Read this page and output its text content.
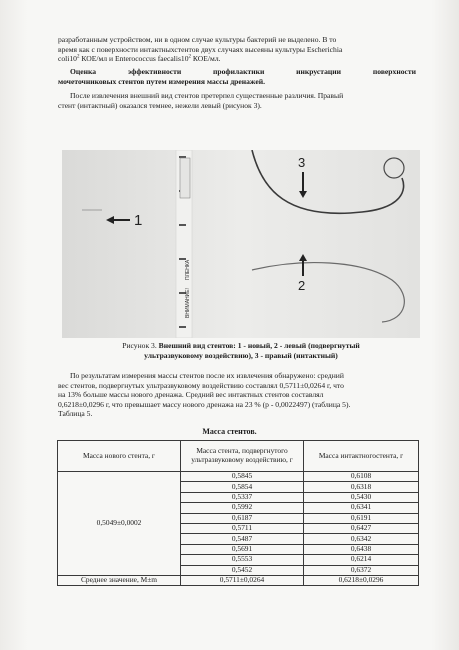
разработанным устройством, ни в одном случае культуры бактерий не выделено. В то
время как с поверхности интактныхстентов двух случаях высеяны культуры Escherichia
$coli10^2$ КОЕ/мл и Enterococcus $faecalis10^2$ КОЕ/мл.
Оценка	эффективности	профилактики	инкрустации	поверхности
мочеточниковых стентов путем измерения массы дренажей.
После извлечения внешний вид стентов претерпел существенные различия. Правый
стент (интактный) оказался темнее, нежели левый (рисунок 3).
ПЛЕНКА
ВНИМАНИЕ!
1
3
2
Рисунок 3. Внешний вид стентов: 1 - новый, 2 - левый (подвергнутый
ультразвуковому воздействию), 3 - правый (интактный)
По результатам измерения массы стентов после их извлечения обнаружено: средний
вес стентов, подвергнутых ультразвуковому воздействию составлял 0,5711±0,0264 г, что
на 13% больше массы нового дренажа. Средний вес интактных стентов составлял
0,6218±0,0296 г, что превышает массу нового дренажа на 23 % (p - 0,0022497) (таблица 5).
Таблица 5.
Масса стентов.
Масса нового стента, г	Масса стента, подвергнутого ультразвуковому воздействию, г	Масса интактногостента, г
0,5049±0,0002	0,5845	0,6108
	0,5854	0,6318
	0,5337	0,5430
	0,5992	0,6341
	0,6187	0,6191
	0,5711	0,6427
	0,5487	0,6342
	0,5691	0,6438
	0,5553	0,6214
	0,5452	0,6372
Среднее значение, M±m	0,5711±0,0264	0,6218±0,0296
